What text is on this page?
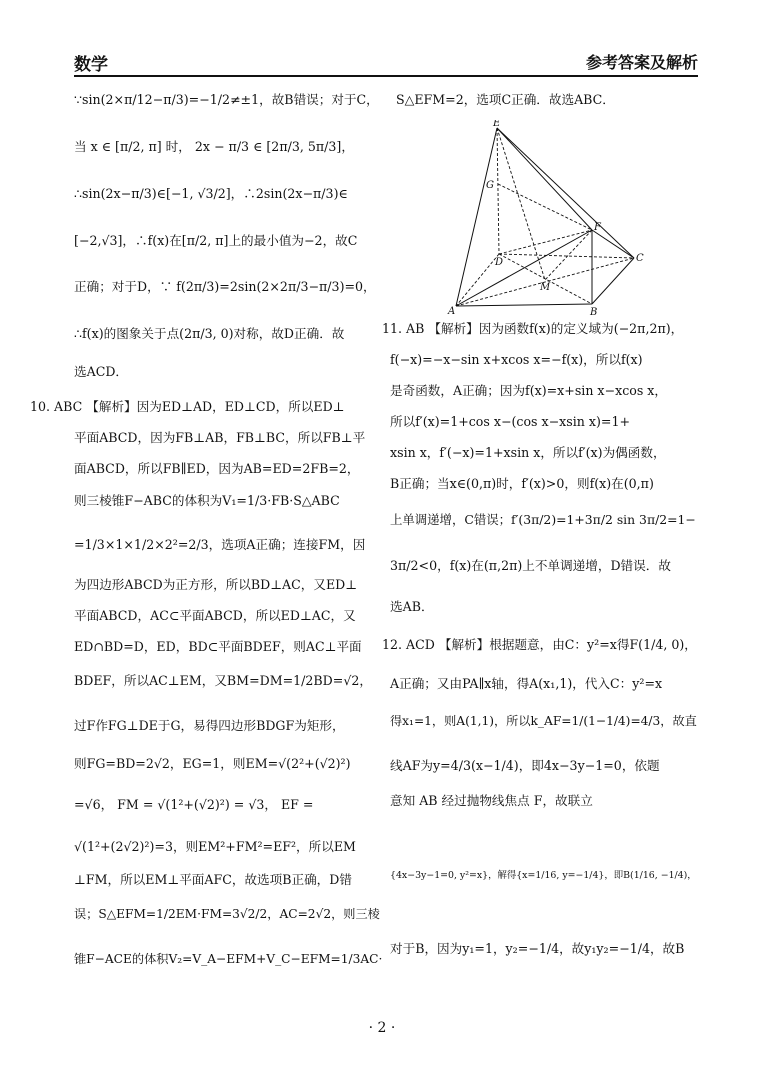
数学	参考答案及解析
∵sin(2×π/12−π/3)=−1/2≠±1，故B错误；对于C，
当 x ∈ [π/2, π] 时， 2x − π/3 ∈ [2π/3, 5π/3]，
∴sin(2x−π/3)∈[−1, √3/2]，∴2sin(2x−π/3)∈
[−2,√3]，∴f(x)在[π/2, π]上的最小值为−2，故C
正确；对于D，∵ f(2π/3)=2sin(2×2π/3−π/3)=0，
∴f(x)的图象关于点(2π/3, 0)对称，故D正确．故
选ACD．
10. ABC 【解析】因为ED⊥AD，ED⊥CD，所以ED⊥
平面ABCD，因为FB⊥AB，FB⊥BC，所以FB⊥平
面ABCD，所以FB∥ED，因为AB=ED=2FB=2，
则三棱锥F−ABC的体积为V₁=1/3·FB·S△ABC
=1/3×1×1/2×2²=2/3，选项A正确；连接FM，因
为四边形ABCD为正方形，所以BD⊥AC，又ED⊥
平面ABCD，AC⊂平面ABCD，所以ED⊥AC，又
ED∩BD=D，ED，BD⊂平面BDEF，则AC⊥平面
BDEF，所以AC⊥EM，又BM=DM=1/2BD=√2，
过F作FG⊥DE于G，易得四边形BDGF为矩形，
则FG=BD=2√2，EG=1，则EM=√(2²+(√2)²)
=√6， FM = √(1²+(√2)²) = √3， EF =
√(1²+(2√2)²)=3，则EM²+FM²=EF²，所以EM
⊥FM，所以EM⊥平面AFC，故选项B正确，D错
误；S△EFM=1/2EM·FM=3√2/2，AC=2√2，则三棱
锥F−ACE的体积V₂=V_A−EFM+V_C−EFM=1/3AC·
S△EFM=2，选项C正确．故选ABC．
11. AB 【解析】因为函数f(x)的定义域为(−2π,2π)，
f(−x)=−x−sin x+xcos x=−f(x)，所以f(x)
是奇函数，A正确；因为f(x)=x+sin x−xcos x，
所以f′(x)=1+cos x−(cos x−xsin x)=1+
xsin x，f′(−x)=1+xsin x，所以f′(x)为偶函数，
B正确；当x∈(0,π)时，f′(x)>0，则f(x)在(0,π)
上单调递增，C错误；f′(3π/2)=1+3π/2 sin 3π/2=1−
3π/2<0，f(x)在(π,2π)上不单调递增，D错误．故
选AB．
12. ACD 【解析】根据题意，由C：y²=x得F(1/4, 0)，
A正确；又由PA∥x轴，得A(x₁,1)，代入C：y²=x
得x₁=1，则A(1,1)，所以k_AF=1/(1−1/4)=4/3，故直
线AF为y=4/3(x−1/4)，即4x−3y−1=0，依题
意知 AB 经过抛物线焦点 F，故联立
{4x−3y−1=0, y²=x}，解得{x=1/16, y=−1/4}，即B(1/16, −1/4)，
对于B，因为y₁=1，y₂=−1/4，故y₁y₂=−1/4，故B
E
G
F
D
M
C
A	B
· 2 ·
